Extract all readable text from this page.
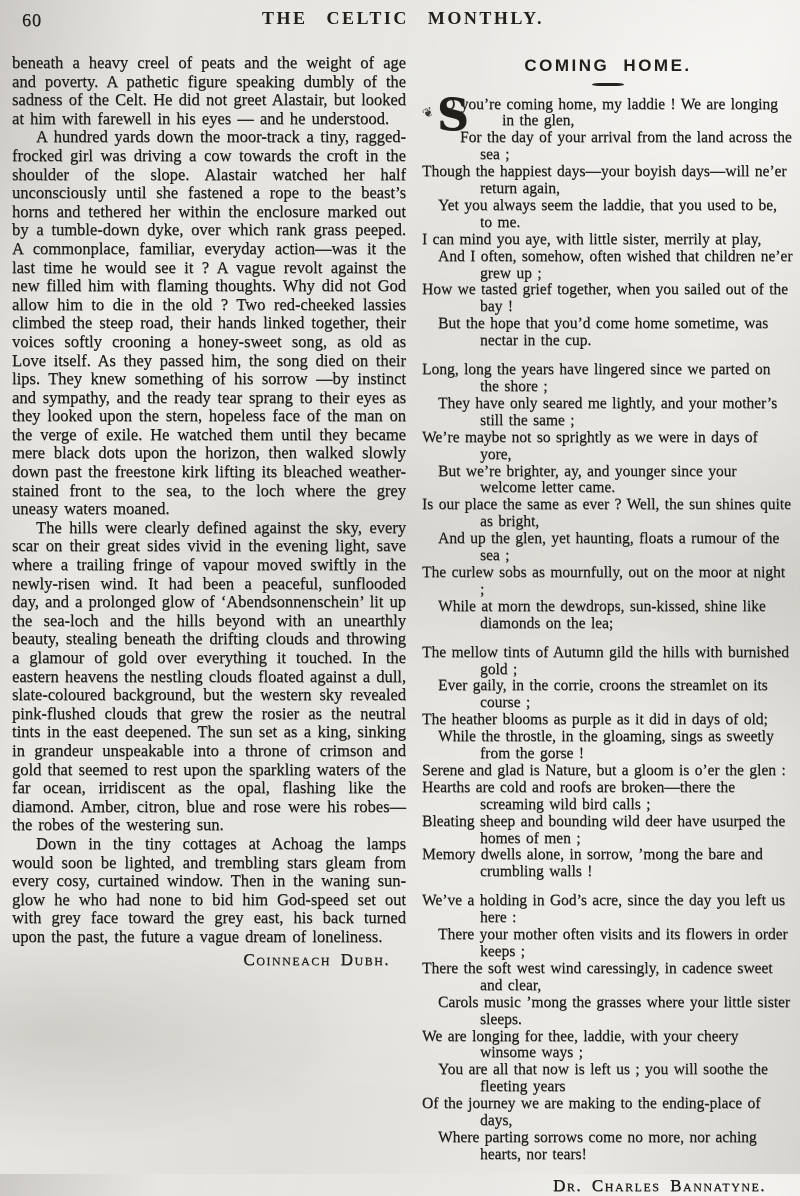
60	THE CELTIC MONTHLY.

beneath a heavy creel of peats and the weight of age and poverty. A pathetic figure speaking dumbly of the sadness of the Celt. He did not greet Alastair, but looked at him with farewell in his eyes — and he understood.

A hundred yards down the moor-track a tiny, ragged-frocked girl was driving a cow towards the croft in the shoulder of the slope. Alastair watched her half unconsciously until she fastened a rope to the beast’s horns and tethered her within the enclosure marked out by a tumble-down dyke, over which rank grass peeped. A commonplace, familiar, everyday action—was it the last time he would see it ? A vague revolt against the new filled him with flaming thoughts. Why did not God allow him to die in the old ? Two red-cheeked lassies climbed the steep road, their hands linked together, their voices softly crooning a honey-sweet song, as old as Love itself. As they passed him, the song died on their lips. They knew something of his sorrow —by instinct and sympathy, and the ready tear sprang to their eyes as they looked upon the stern, hopeless face of the man on the verge of exile. He watched them until they became mere black dots upon the horizon, then walked slowly down past the freestone kirk lifting its bleached weather-stained front to the sea, to the loch where the grey uneasy waters moaned.

The hills were clearly defined against the sky, every scar on their great sides vivid in the evening light, save where a trailing fringe of vapour moved swiftly in the newly-risen wind. It had been a peaceful, sunflooded day, and a prolonged glow of ‘Abendsonnenschein’ lit up the sea-loch and the hills beyond with an unearthly beauty, stealing beneath the drifting clouds and throwing a glamour of gold over everything it touched. In the eastern heavens the nestling clouds floated against a dull, slate-coloured background, but the western sky revealed pink-flushed clouds that grew the rosier as the neutral tints in the east deepened. The sun set as a king, sinking in grandeur unspeakable into a throne of crimson and gold that seemed to rest upon the sparkling waters of the far ocean, irridiscent as the opal, flashing like the diamond. Amber, citron, blue and rose were his robes— the robes of the westering sun.

Down in the tiny cottages at Achoag the lamps would soon be lighted, and trembling stars gleam from every cosy, curtained window. Then in the waning sun-glow he who had none to bid him God-speed set out with grey face toward the grey east, his back turned upon the past, the future a vague dream of loneliness.

Coinneach Dubh.
COMING HOME.
❦ S
O you’re coming home, my laddie ! We are longing in the glen,
For the day of your arrival from the land across the sea ;
Though the happiest days—your boyish days—will ne’er return again,
Yet you always seem the laddie, that you used to be, to me.
I can mind you aye, with little sister, merrily at play,
And I often, somehow, often wished that children ne’er grew up ;
How we tasted grief together, when you sailed out of the bay !
But the hope that you’d come home sometime, was nectar in the cup.
Long, long the years have lingered since we parted on the shore ;
They have only seared me lightly, and your mother’s still the same ;
We’re maybe not so sprightly as we were in days of yore,
But we’re brighter, ay, and younger since your welcome letter came.
Is our place the same as ever ? Well, the sun shines quite as bright,
And up the glen, yet haunting, floats a rumour of the sea ;
The curlew sobs as mournfully, out on the moor at night ;
While at morn the dewdrops, sun-kissed, shine like diamonds on the lea;
The mellow tints of Autumn gild the hills with burnished gold ;
Ever gaily, in the corrie, croons the streamlet on its course ;
The heather blooms as purple as it did in days of old;
While the throstle, in the gloaming, sings as sweetly from the gorse !
Serene and glad is Nature, but a gloom is o’er the glen :
Hearths are cold and roofs are broken—there the screaming wild bird calls ;
Bleating sheep and bounding wild deer have usurped the homes of men ;
Memory dwells alone, in sorrow, ’mong the bare and crumbling walls !
We’ve a holding in God’s acre, since the day you left us here :
There your mother often visits and its flowers in order keeps ;
There the soft west wind caressingly, in cadence sweet and clear,
Carols music ’mong the grasses where your little sister sleeps.
We are longing for thee, laddie, with your cheery winsome ways ;
You are all that now is left us ; you will soothe the fleeting years
Of the journey we are making to the ending-place of days,
Where parting sorrows come no more, nor aching hearts, nor tears!
Dr. Charles Bannatyne.
